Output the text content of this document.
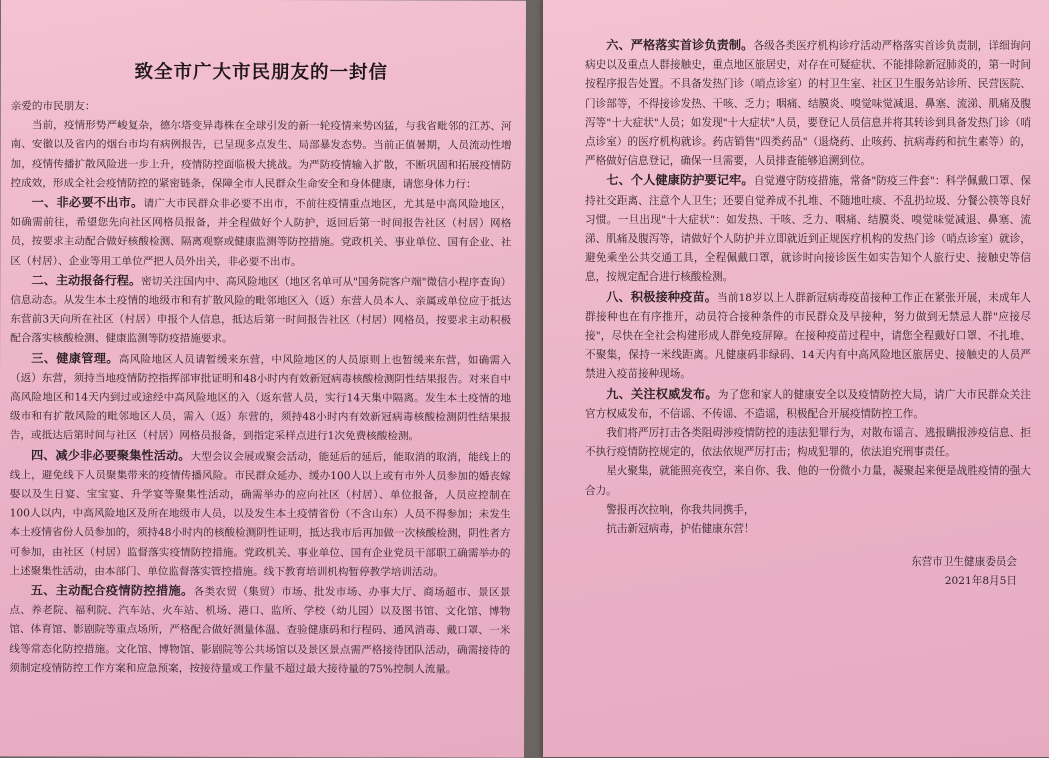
致全市广大市民朋友的一封信

亲爱的市民朋友：

当前，疫情形势严峻复杂，德尔塔变异毒株在全球引发的新一轮疫情来势凶猛，与我省毗邻的江苏、河南、安徽以及省内的烟台市均有病例报告，已呈现多点发生、局部暴发态势。当前正值暑期，人员流动性增加，疫情传播扩散风险进一步上升，疫情防控面临极大挑战。为严防疫情输入扩散，不断巩固和拓展疫情防控成效，形成全社会疫情防控的紧密链条，保障全市人民群众生命安全和身体健康，请您身体力行：

一、非必要不出市。请广大市民群众非必要不出市，不前往疫情重点地区，尤其是中高风险地区，如确需前往，希望您先向社区网格员报备，并全程做好个人防护，返回后第一时间报告社区（村居）网格员，按要求主动配合做好核酸检测、隔离观察或健康监测等防控措施。党政机关、事业单位、国有企业、社区（村居）、企业等用工单位严把人员外出关，非必要不出市。

二、主动报备行程。密切关注国内中、高风险地区（地区名单可从"国务院客户端"微信小程序查询）信息动态。从发生本土疫情的地级市和有扩散风险的毗邻地区入（返）东营人员本人、亲属或单位应于抵达东营前3天向所在社区（村居）申报个人信息，抵达后第一时间报告社区（村居）网格员，按要求主动积极配合落实核酸检测、健康监测等防疫措施要求。

三、健康管理。高风险地区人员请暂缓来东营，中风险地区的人员原则上也暂缓来东营，如确需入（返）东营，须持当地疫情防控指挥部审批证明和48小时内有效新冠病毒核酸检测阴性结果报告。对来自中高风险地区和14天内到过或途经中高风险地区的入（返东营人员，实行14天集中隔离。发生本土疫情的地级市和有扩散风险的毗邻地区人员，需入（返）东营的，须持48小时内有效新冠病毒核酸检测阴性结果报告，或抵达后第时间与社区（村居）网格员报备，到指定采样点进行1次免费核酸检测。

四、减少非必要聚集性活动。大型会议会展或聚会活动，能延后的延后，能取消的取消，能线上的线上，避免线下人员聚集带来的疫情传播风险。市民群众延办、缓办100人以上或有市外人员参加的婚丧嫁娶以及生日宴、宝宝宴、升学宴等聚集性活动，确需举办的应向社区（村居）、单位报备，人员应控制在100人以内，中高风险地区及所在地级市人员，以及发生本土疫情省份（不含山东）人员不得参加；未发生本土疫情省份人员参加的，须持48小时内的核酸检测阴性证明，抵达我市后再加做一次核酸检测，阴性者方可参加，由社区（村居）监督落实疫情防控措施。党政机关、事业单位、国有企业党员干部职工确需举办的上述聚集性活动，由本部门、单位监督落实管控措施。线下教育培训机构暂停教学培训活动。

五、主动配合疫情防控措施。各类农贸（集贸）市场、批发市场、办事大厅、商场超市、景区景点、养老院、福利院、汽车站、火车站、机场、港口、监所、学校（幼儿园）以及图书馆、文化馆、博物馆、体育馆、影剧院等重点场所，严格配合做好测量体温、查验健康码和行程码、通风消毒、戴口罩、一米线等常态化防控措施。文化馆、博物馆、影剧院等公共场馆以及景区景点需严格接待团队活动，确需接待的须制定疫情防控工作方案和应急预案，按接待量或工作量不超过最大接待量的75%控制人流量。

六、严格落实首诊负责制。各级各类医疗机构诊疗活动严格落实首诊负责制，详细询问病史以及重点人群接触史，重点地区旅居史，对存在可疑症状、不能排除新冠肺炎的，第一时间按程序报告处置。不具备发热门诊（哨点诊室）的村卫生室、社区卫生服务站诊所、民营医院、门诊部等，不得接诊发热、干咳、乏力；咽痛、结膜炎、嗅觉味觉减退、鼻塞、流涕、肌痛及腹泻等"十大症状"人员；如发现"十大症状"人员，要登记人员信息并将其转诊到具备发热门诊（哨点诊室）的医疗机构就诊。药店销售"四类药品"（退烧药、止咳药、抗病毒药和抗生素等）的，严格做好信息登记，确保一旦需要，人员排查能够追溯到位。

七、个人健康防护要记牢。自觉遵守防疫措施，常备"防疫三件套"：科学佩戴口罩、保持社交距离、注意个人卫生；还要自觉养成不扎堆、不随地吐痰、不乱扔垃圾、分餐公筷等良好习惯。一旦出现"十大症状"：如发热、干咳、乏力、咽痛、结膜炎、嗅觉味觉减退、鼻塞、流涕、肌痛及腹泻等，请做好个人防护并立即就近到正规医疗机构的发热门诊（哨点诊室）就诊，避免乘坐公共交通工具，全程佩戴口罩，就诊时向接诊医生如实告知个人旅行史、接触史等信息，按规定配合进行核酸检测。

八、积极接种疫苗。当前18岁以上人群新冠病毒疫苗接种工作正在紧张开展，未成年人群接种也在有序推开，动员符合接种条件的市民群众及早接种，努力做到无禁忌人群"应接尽接"，尽快在全社会构建形成人群免疫屏障。在接种疫苗过程中，请您全程戴好口罩、不扎堆、不聚集，保持一米线距离。凡健康码非绿码、14天内有中高风险地区旅居史、接触史的人员严禁进入疫苗接种现场。

九、关注权威发布。为了您和家人的健康安全以及疫情防控大局，请广大市民群众关注官方权威发布，不信谣、不传谣、不造谣，积极配合开展疫情防控工作。

我们将严厉打击各类阻碍涉疫情防控的违法犯罪行为，对散布谣言、逃报瞒报涉疫信息、拒不执行疫情防控规定的，依法依规严厉打击；构成犯罪的，依法追究刑事责任。

星火聚集，就能照亮夜空，来自你、我、他的一份微小力量，凝聚起来便是战胜疫情的强大合力。

警报再次拉响，你我共同携手，

抗击新冠病毒，护佑健康东营！

东营市卫生健康委员会
2021年8月5日
